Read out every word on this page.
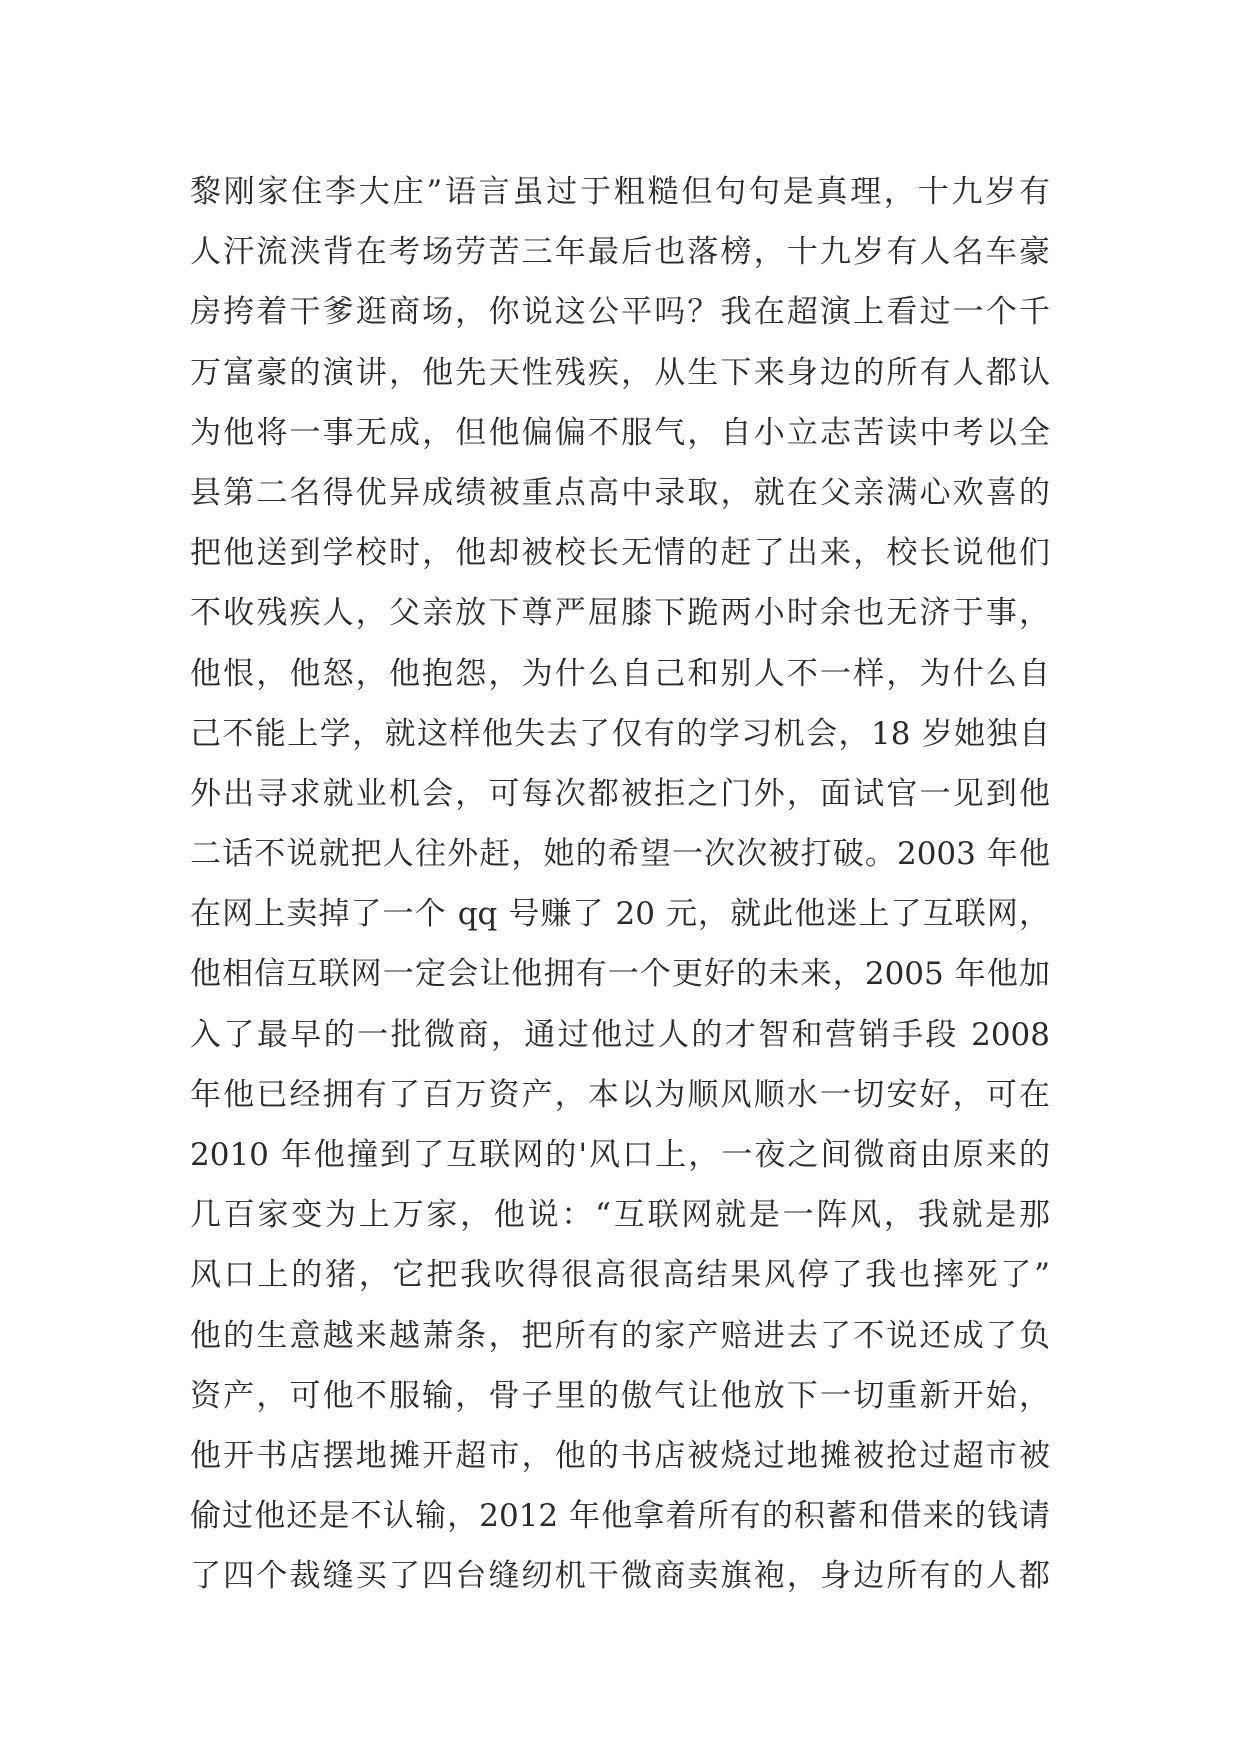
黎刚家住李大庄”语言虽过于粗糙但句句是真理，十九岁有
人汗流浃背在考场劳苦三年最后也落榜，十九岁有人名车豪
房挎着干爹逛商场，你说这公平吗？我在超演上看过一个千
万富豪的演讲，他先天性残疾，从生下来身边的所有人都认
为他将一事无成，但他偏偏不服气，自小立志苦读中考以全
县第二名得优异成绩被重点高中录取，就在父亲满心欢喜的
把他送到学校时，他却被校长无情的赶了出来，校长说他们
不收残疾人，父亲放下尊严屈膝下跪两小时余也无济于事，
他恨，他怒，他抱怨，为什么自己和别人不一样，为什么自
己不能上学，就这样他失去了仅有的学习机会，18 岁她独自
外出寻求就业机会，可每次都被拒之门外，面试官一见到他
二话不说就把人往外赶，她的希望一次次被打破。2003 年他
在网上卖掉了一个 qq 号赚了 20 元，就此他迷上了互联网，
他相信互联网一定会让他拥有一个更好的未来，2005 年他加
入了最早的一批微商，通过他过人的才智和营销手段 2008
年他已经拥有了百万资产，本以为顺风顺水一切安好，可在
2010 年他撞到了互联网的'风口上，一夜之间微商由原来的
几百家变为上万家，他说：“互联网就是一阵风，我就是那
风口上的猪，它把我吹得很高很高结果风停了我也摔死了”
他的生意越来越萧条，把所有的家产赔进去了不说还成了负
资产，可他不服输，骨子里的傲气让他放下一切重新开始，
他开书店摆地摊开超市，他的书店被烧过地摊被抢过超市被
偷过他还是不认输，2012 年他拿着所有的积蓄和借来的钱请
了四个裁缝买了四台缝纫机干微商卖旗袍，身边所有的人都
